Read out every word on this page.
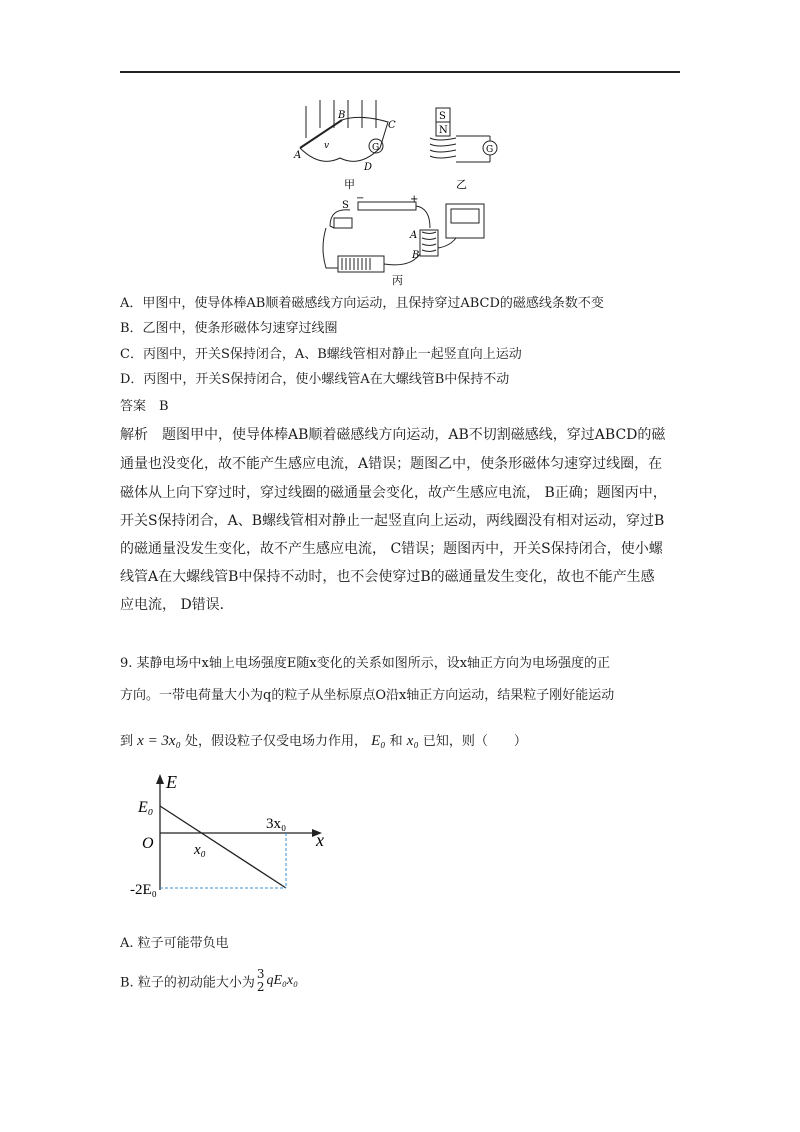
A
B
C
D
v	G
甲
S
N
G
乙
S
+
−
A
B
丙
A．甲图中，使导体棒AB顺着磁感线方向运动，且保持穿过ABCD的磁感线条数不变
B．乙图中，使条形磁体匀速穿过线圈
C．丙图中，开关S保持闭合，A、B螺线管相对静止一起竖直向上运动
D．丙图中，开关S保持闭合，使小螺线管A在大螺线管B中保持不动
答案　 B
解析　 题图甲中，使导体棒AB顺着磁感线方向运动，AB不切割磁感线，穿过ABCD的磁
通量也没变化，故不能产生感应电流，A错误；题图乙中，使条形磁体匀速穿过线圈，在
磁体从上向下穿过时，穿过线圈的磁通量会变化，故产生感应电流， B正确；题图丙中，
开关S保持闭合，A、B螺线管相对静止一起竖直向上运动，两线圈没有相对运动，穿过B
的磁通量没发生变化，故不产生感应电流， C错误；题图丙中，开关S保持闭合，使小螺
线管A在大螺线管B中保持不动时，也不会使穿过B的磁通量发生变化，故也不能产生感
应电流， D错误．
9. 某静电场中x轴上电场强度E随x变化的关系如图所示，设x轴正方向为电场强度的正
方向。一带电荷量大小为q的粒子从坐标原点O沿x轴正方向运动，结果粒子刚好能运动
到 x = 3x₀ 处，假设粒子仅受电场力作用， E₀ 和 x₀ 已知，则（　　）
E
E₀
O	x₀
3x₀
x
-2E₀
A. 粒子可能带负电
B. 粒子的初动能大小为
3
2 qE₀x₀
